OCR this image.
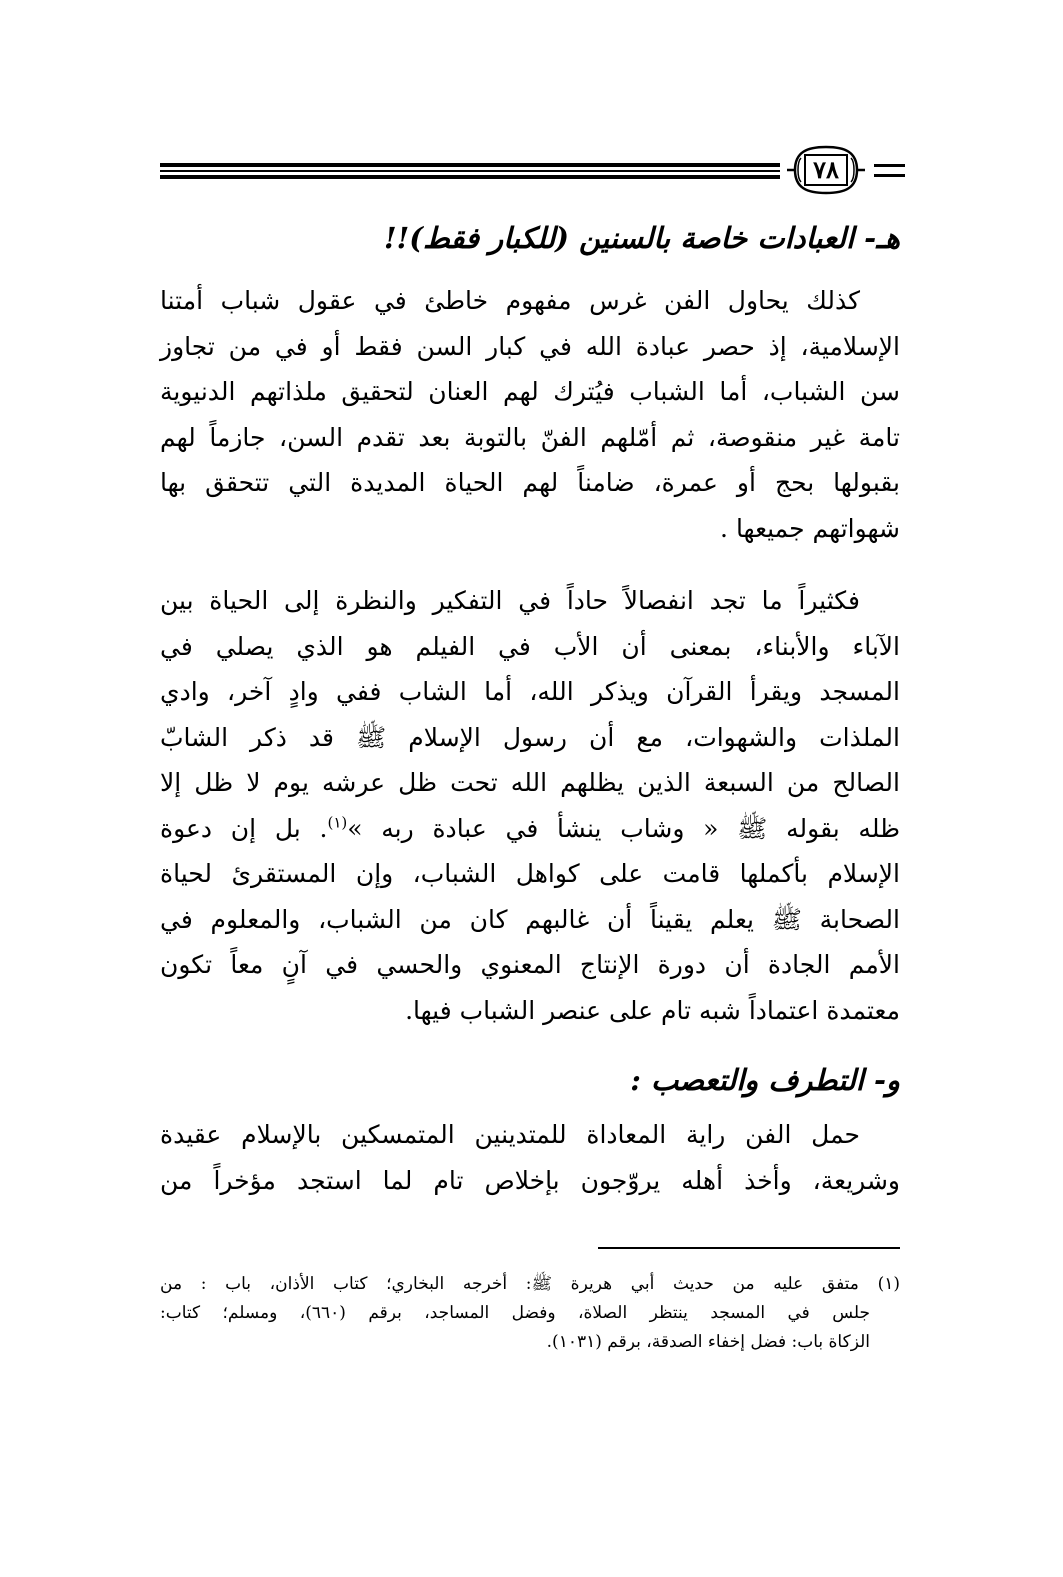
٧٨
هـ- العبادات خاصة بالسنين (للكبار فقط)!!
كذلك يحاول الفن غرس مفهوم خاطئ في عقول شباب أمتنا
الإسلامية، إذ حصر عبادة الله في كبار السن فقط أو في من تجاوز
سن الشباب، أما الشباب فيُترك لهم العنان لتحقيق ملذاتهم الدنيوية
تامة غير منقوصة، ثم أمّلهم الفنّ بالتوبة بعد تقدم السن، جازماً لهم
بقبولها بحج أو عمرة، ضامناً لهم الحياة المديدة التي تتحقق بها
شهواتهم جميعها .
فكثيراً ما تجد انفصالاً حاداً في التفكير والنظرة إلى الحياة بين
الآباء والأبناء، بمعنى أن الأب في الفيلم هو الذي يصلي في
المسجد ويقرأ القرآن ويذكر الله، أما الشاب ففي وادٍ آخر، وادي
الملذات والشهوات، مع أن رسول الإسلام ﷺ قد ذكر الشابّ
الصالح من السبعة الذين يظلهم الله تحت ظل عرشه يوم لا ظل إلا
ظله بقوله ﷺ « وشاب ينشأ في عبادة ربه »$^{(١)}$. بل إن دعوة
الإسلام بأكملها قامت على كواهل الشباب، وإن المستقرئ لحياة
الصحابة ﷺ يعلم يقيناً أن غالبهم كان من الشباب، والمعلوم في
الأمم الجادة أن دورة الإنتاج المعنوي والحسي في آنٍ معاً تكون
معتمدة اعتماداً شبه تام على عنصر الشباب فيها.
و- التطرف والتعصب :
حمل الفن راية المعاداة للمتدينين المتمسكين بالإسلام عقيدة
وشريعة، وأخذ أهله يروّجون بإخلاص تام لما استجد مؤخراً من
(١) متفق عليه من حديث أبي هريرة ﷺ: أخرجه البخاري؛ كتاب الأذان، باب : من
جلس في المسجد ينتظر الصلاة، وفضل المساجد، برقم (٦٦٠)، ومسلم؛ كتاب:
الزكاة باب: فضل إخفاء الصدقة، برقم (١٠٣١).
